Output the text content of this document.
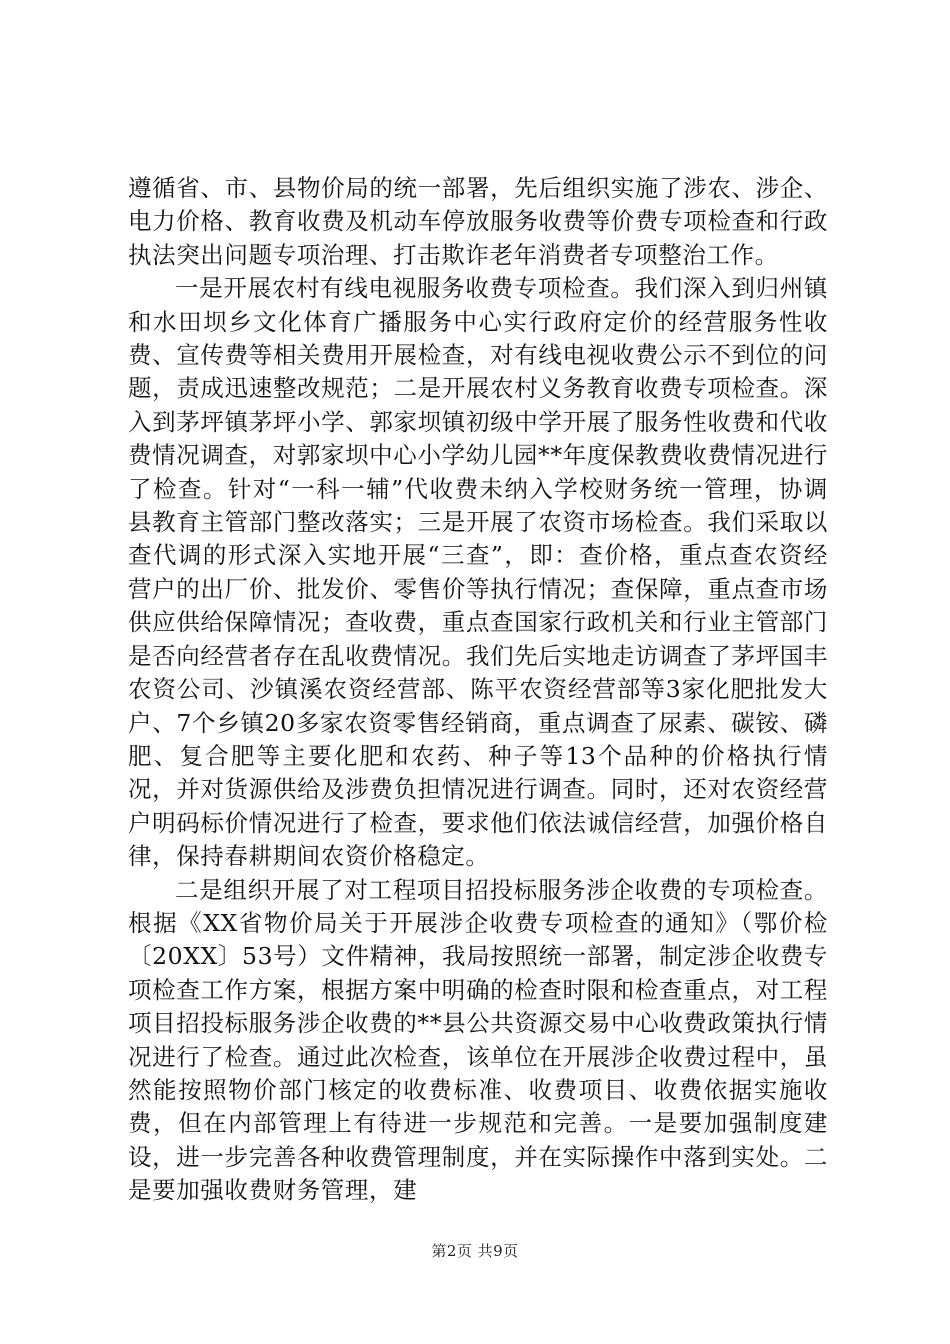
遵循省、市、县物价局的统一部署，先后组织实施了涉农、涉企、电力价格、教育收费及机动车停放服务收费等价费专项检查和行政执法突出问题专项治理、打击欺诈老年消费者专项整治工作。

一是开展农村有线电视服务收费专项检查。我们深入到归州镇和水田坝乡文化体育广播服务中心实行政府定价的经营服务性收费、宣传费等相关费用开展检查，对有线电视收费公示不到位的问题，责成迅速整改规范；二是开展农村义务教育收费专项检查。深入到茅坪镇茅坪小学、郭家坝镇初级中学开展了服务性收费和代收费情况调查，对郭家坝中心小学幼儿园**年度保教费收费情况进行了检查。针对“一科一辅”代收费未纳入学校财务统一管理，协调县教育主管部门整改落实；三是开展了农资市场检查。我们采取以查代调的形式深入实地开展“三查”，即：查价格，重点查农资经营户的出厂价、批发价、零售价等执行情况；查保障，重点查市场供应供给保障情况；查收费，重点查国家行政机关和行业主管部门是否向经营者存在乱收费情况。我们先后实地走访调查了茅坪国丰农资公司、沙镇溪农资经营部、陈平农资经营部等3家化肥批发大户、7个乡镇20多家农资零售经销商，重点调查了尿素、碳铵、磷肥、复合肥等主要化肥和农药、种子等13个品种的价格执行情况，并对货源供给及涉费负担情况进行调查。同时，还对农资经营户明码标价情况进行了检查，要求他们依法诚信经营，加强价格自律，保持春耕期间农资价格稳定。

二是组织开展了对工程项目招投标服务涉企收费的专项检查。根据《XX省物价局关于开展涉企收费专项检查的通知》（鄂价检〔20XX〕53号）文件精神，我局按照统一部署，制定涉企收费专项检查工作方案，根据方案中明确的检查时限和检查重点，对工程项目招投标服务涉企收费的**县公共资源交易中心收费政策执行情况进行了检查。通过此次检查，该单位在开展涉企收费过程中，虽然能按照物价部门核定的收费标准、收费项目、收费依据实施收费，但在内部管理上有待进一步规范和完善。一是要加强制度建设，进一步完善各种收费管理制度，并在实际操作中落到实处。二是要加强收费财务管理，建

第2页 共9页
